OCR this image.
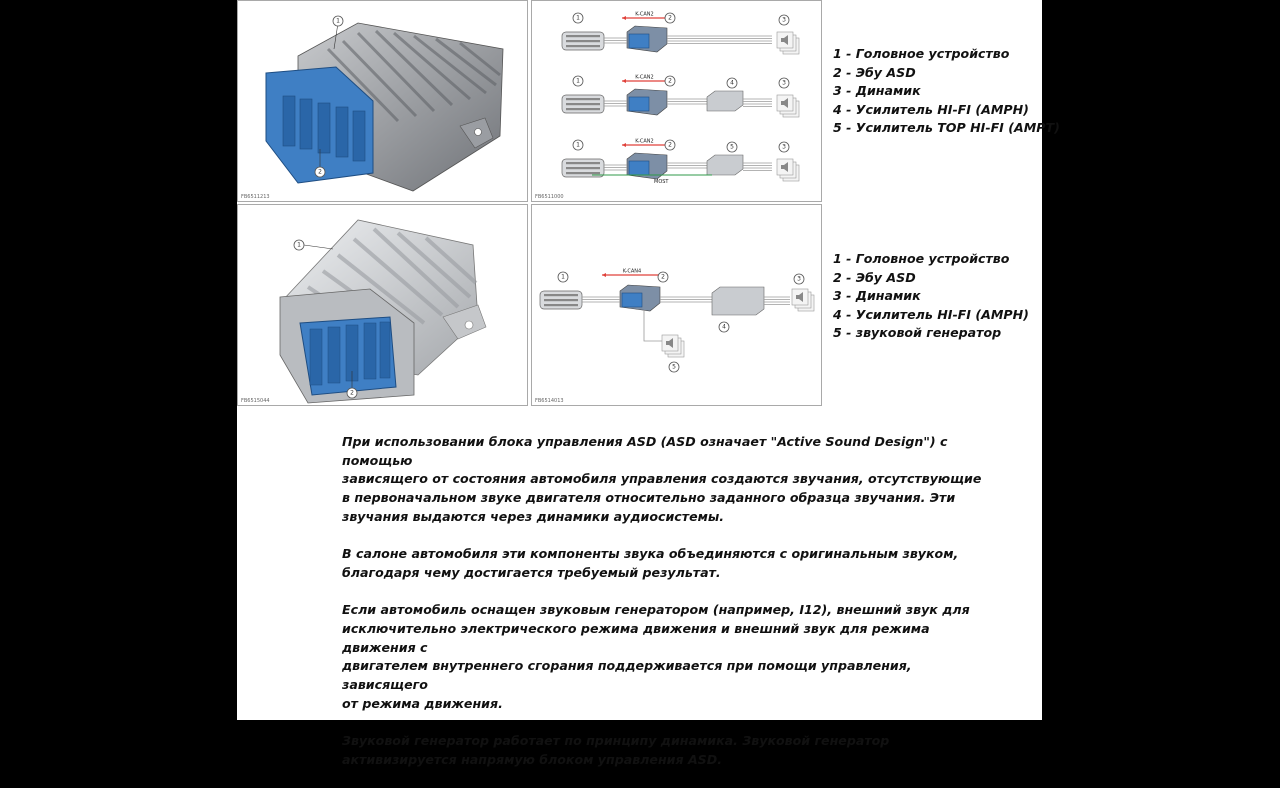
1
2
FB6511213
K-CAN2
1	2	3
K-CAN2
1	2	4	3
K-CAN2
1	2	5	3
MOST
FB6511000
1 - Головное устройство
2 - Эбу ASD
3 - Динамик
4 - Усилитель HI-FI (AMPH)
5 - Усилитель TOP HI-FI (AMPT)
1
2
FB6515044
K-CAN4
1	2	3
4
5
FB6514013
1 - Головное устройство
2 - Эбу ASD
3 - Динамик
4 - Усилитель HI-FI (AMPH)
5 - звуковой генератор

При использовании блока управления ASD (ASD означает "Active Sound Design") с помощью
зависящего от состояния автомобиля управления создаются звучания, отсутствующие
в первоначальном звуке двигателя относительно заданного образца звучания. Эти
звучания выдаются через динамики аудиосистемы.

В салоне автомобиля эти компоненты звука объединяются с оригинальным звуком,
благодаря чему достигается требуемый результат.

Если автомобиль оснащен звуковым генератором (например, I12), внешний звук для
исключительно электрического режима движения и внешний звук для режима движения с
двигателем внутреннего сгорания поддерживается при помощи управления, зависящего
от режима движения.

Звуковой генератор работает по принципу динамика. Звуковой генератор
активизируется напрямую блоком управления ASD.
